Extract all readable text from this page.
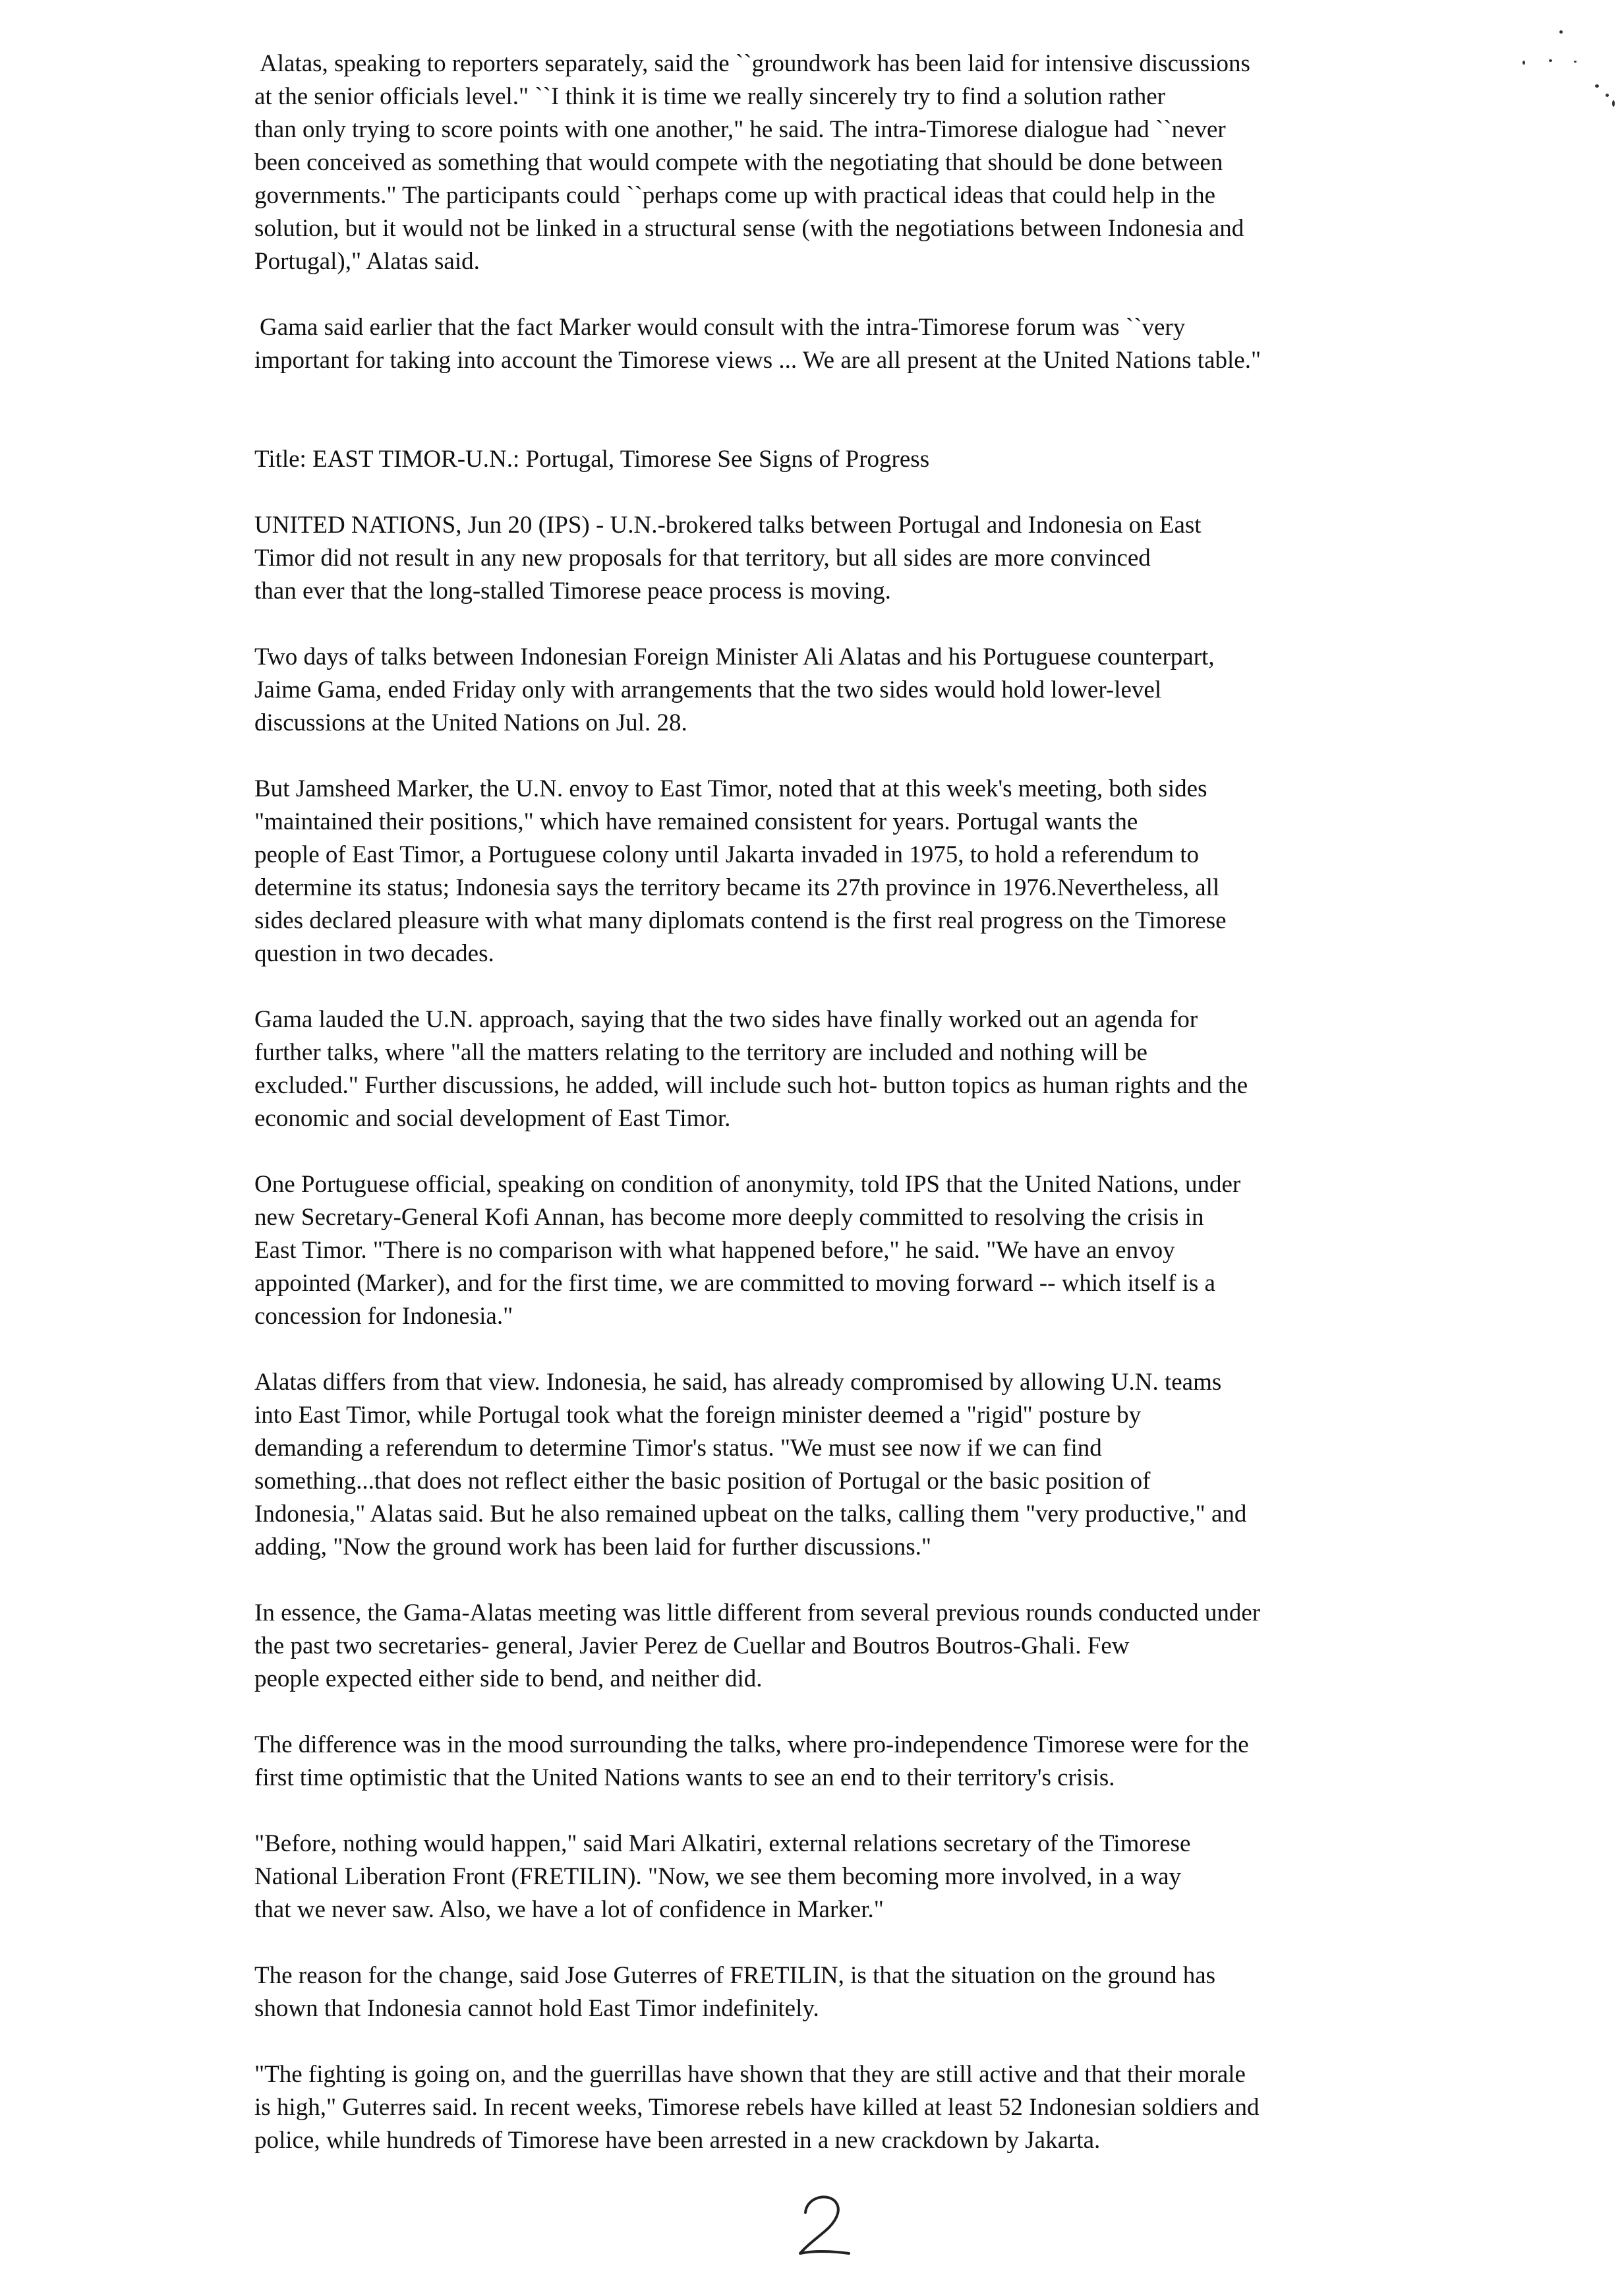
Alatas, speaking to reporters separately, said the ``groundwork has been laid for intensive discussions
at the senior officials level." ``I think it is time we really sincerely try to find a solution rather
than only trying to score points with one another," he said. The intra-Timorese dialogue had ``never
been conceived as something that would compete with the negotiating that should be done between
governments." The participants could ``perhaps come up with practical ideas that could help in the
solution, but it would not be linked in a structural sense (with the negotiations between Indonesia and
Portugal)," Alatas said.
Gama said earlier that the fact Marker would consult with the intra-Timorese forum was ``very
important for taking into account the Timorese views ... We are all present at the United Nations table."
Title: EAST TIMOR-U.N.: Portugal, Timorese See Signs of Progress
UNITED NATIONS, Jun 20 (IPS) - U.N.-brokered talks between Portugal and Indonesia on East
Timor did not result in any new proposals for that territory, but all sides are more convinced
than ever that the long-stalled Timorese peace process is moving.
Two days of talks between Indonesian Foreign Minister Ali Alatas and his Portuguese counterpart,
Jaime Gama, ended Friday only with arrangements that the two sides would hold lower-level
discussions at the United Nations on Jul. 28.
But Jamsheed Marker, the U.N. envoy to East Timor, noted that at this week's meeting, both sides
"maintained their positions," which have remained consistent for years. Portugal wants the
people of East Timor, a Portuguese colony until Jakarta invaded in 1975, to hold a referendum to
determine its status; Indonesia says the territory became its 27th province in 1976.Nevertheless, all
sides declared pleasure with what many diplomats contend is the first real progress on the Timorese
question in two decades.
Gama lauded the U.N. approach, saying that the two sides have finally worked out an agenda for
further talks, where "all the matters relating to the territory are included and nothing will be
excluded." Further discussions, he added, will include such hot- button topics as human rights and the
economic and social development of East Timor.
One Portuguese official, speaking on condition of anonymity, told IPS that the United Nations, under
new Secretary-General Kofi Annan, has become more deeply committed to resolving the crisis in
East Timor. "There is no comparison with what happened before," he said. "We have an envoy
appointed (Marker), and for the first time, we are committed to moving forward -- which itself is a
concession for Indonesia."
Alatas differs from that view. Indonesia, he said, has already compromised by allowing U.N. teams
into East Timor, while Portugal took what the foreign minister deemed a "rigid" posture by
demanding a referendum to determine Timor's status. "We must see now if we can find
something...that does not reflect either the basic position of Portugal or the basic position of
Indonesia," Alatas said. But he also remained upbeat on the talks, calling them "very productive," and
adding, "Now the ground work has been laid for further discussions."
In essence, the Gama-Alatas meeting was little different from several previous rounds conducted under
the past two secretaries- general, Javier Perez de Cuellar and Boutros Boutros-Ghali. Few
people expected either side to bend, and neither did.
The difference was in the mood surrounding the talks, where pro-independence Timorese were for the
first time optimistic that the United Nations wants to see an end to their territory's crisis.
"Before, nothing would happen," said Mari Alkatiri, external relations secretary of the Timorese
National Liberation Front (FRETILIN). "Now, we see them becoming more involved, in a way
that we never saw. Also, we have a lot of confidence in Marker."
The reason for the change, said Jose Guterres of FRETILIN, is that the situation on the ground has
shown that Indonesia cannot hold East Timor indefinitely.
"The fighting is going on, and the guerrillas have shown that they are still active and that their morale
is high," Guterres said. In recent weeks, Timorese rebels have killed at least 52 Indonesian soldiers and
police, while hundreds of Timorese have been arrested in a new crackdown by Jakarta.
